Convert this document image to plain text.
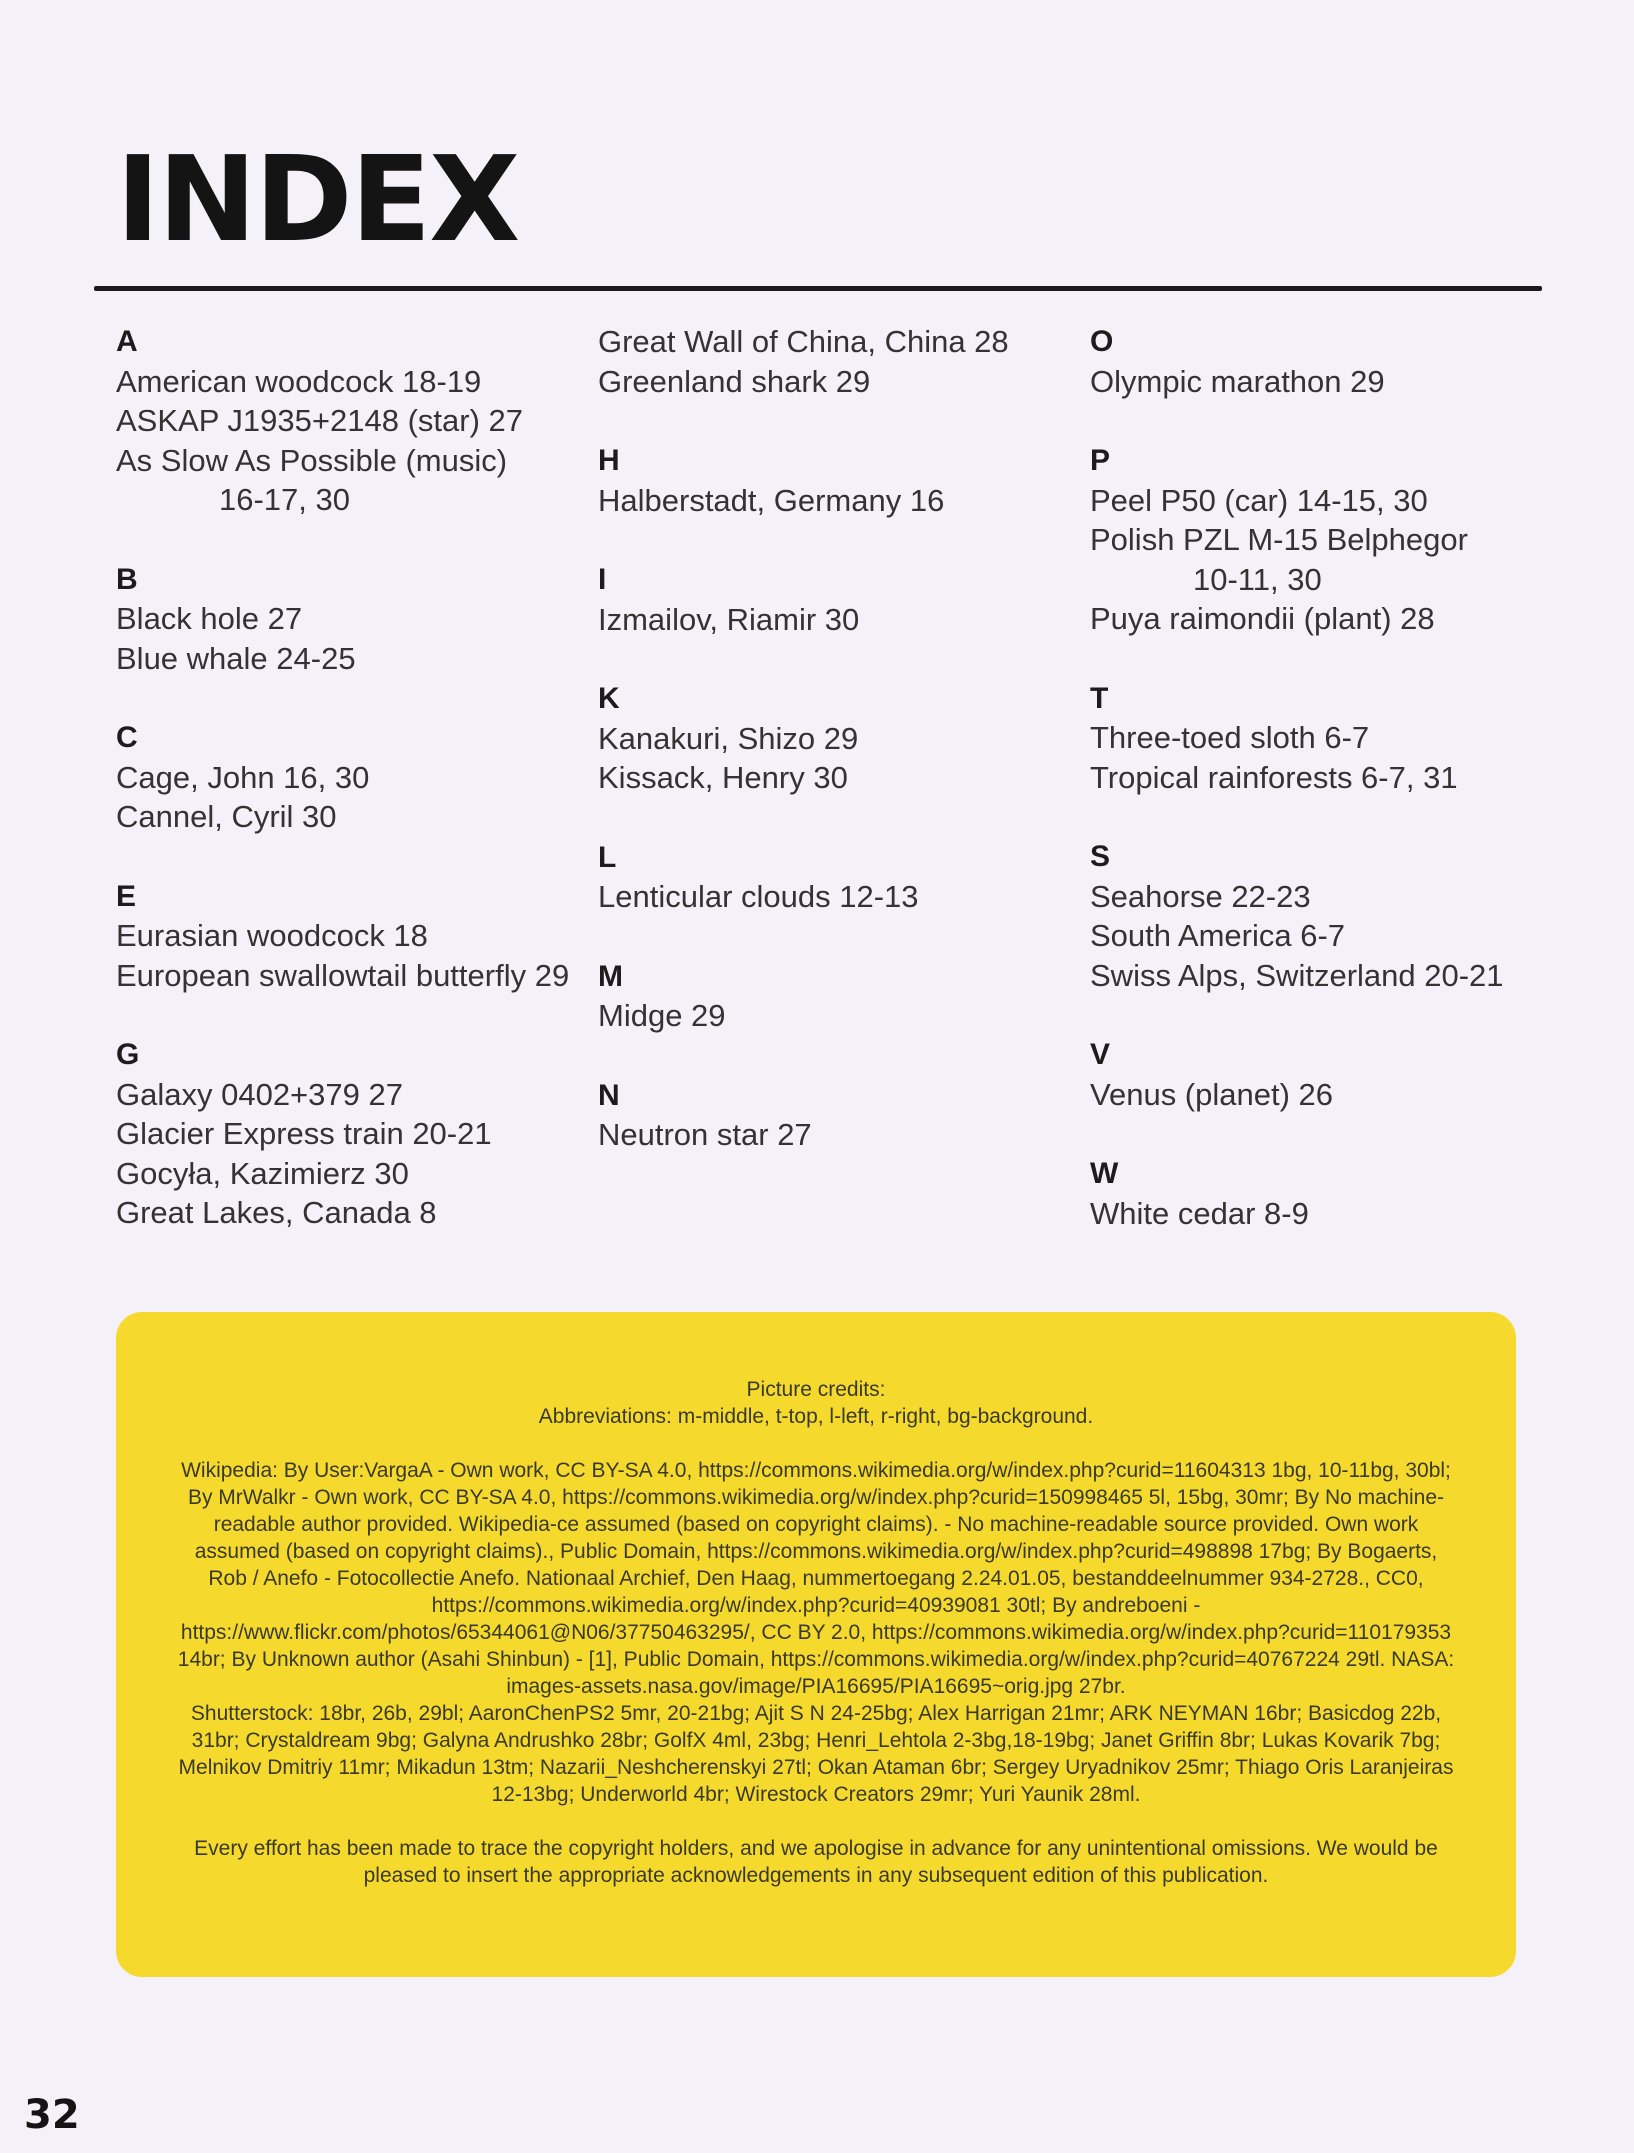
INDEX
A
American woodcock 18-19
ASKAP J1935+2148 (star) 27
As Slow As Possible (music)
16-17, 30
B
Black hole 27
Blue whale 24-25
C
Cage, John 16, 30
Cannel, Cyril 30
E
Eurasian woodcock 18
European swallowtail butterfly 29
G
Galaxy 0402+379 27
Glacier Express train 20-21
Gocyła, Kazimierz 30
Great Lakes, Canada 8
Great Wall of China, China 28
Greenland shark 29
H
Halberstadt, Germany 16
I
Izmailov, Riamir 30
K
Kanakuri, Shizo 29
Kissack, Henry 30
L
Lenticular clouds 12-13
M
Midge 29
N
Neutron star 27
O
Olympic marathon 29
P
Peel P50 (car) 14-15, 30
Polish PZL M-15 Belphegor
10-11, 30
Puya raimondii (plant) 28
T
Three-toed sloth 6-7
Tropical rainforests 6-7, 31
S
Seahorse 22-23
South America 6-7
Swiss Alps, Switzerland 20-21
V
Venus (planet) 26
W
White cedar 8-9

Picture credits:

Abbreviations: m-middle, t-top, l-left, r-right, bg-background.

Wikipedia: By User:VargaA - Own work, CC BY-SA 4.0, https://commons.wikimedia.org/w/index.php?curid=11604313 1bg, 10-11bg, 30bl; By MrWalkr - Own work, CC BY-SA 4.0, https://commons.wikimedia.org/w/index.php?curid=150998465 5l, 15bg, 30mr; By No machine-readable author provided. Wikipedia-ce assumed (based on copyright claims). - No machine-readable source provided. Own work assumed (based on copyright claims)., Public Domain, https://commons.wikimedia.org/w/index.php?curid=498898 17bg; By Bogaerts, Rob / Anefo - Fotocollectie Anefo. Nationaal Archief, Den Haag, nummertoegang 2.24.01.05, bestanddeelnummer 934-2728., CC0, https://commons.wikimedia.org/w/index.php?curid=40939081 30tl; By andreboeni - https://www.flickr.com/photos/65344061@N06/37750463295/, CC BY 2.0, https://commons.wikimedia.org/w/index.php?curid=110179353 14br; By Unknown author (Asahi Shinbun) - [1], Public Domain, https://commons.wikimedia.org/w/index.php?curid=40767224 29tl. NASA: images-assets.nasa.gov/image/PIA16695/PIA16695~orig.jpg 27br.

Shutterstock: 18br, 26b, 29bl; AaronChenPS2 5mr, 20-21bg; Ajit S N 24-25bg; Alex Harrigan 21mr; ARK NEYMAN 16br; Basicdog 22b, 31br; Crystaldream 9bg; Galyna Andrushko 28br; GolfX 4ml, 23bg; Henri_Lehtola 2-3bg,18-19bg; Janet Griffin 8br; Lukas Kovarik 7bg; Melnikov Dmitriy 11mr; Mikadun 13tm; Nazarii_Neshcherenskyi 27tl; Okan Ataman 6br; Sergey Uryadnikov 25mr; Thiago Oris Laranjeiras 12-13bg; Underworld 4br; Wirestock Creators 29mr; Yuri Yaunik 28ml.

Every effort has been made to trace the copyright holders, and we apologise in advance for any unintentional omissions. We would be pleased to insert the appropriate acknowledgements in any subsequent edition of this publication.

32
